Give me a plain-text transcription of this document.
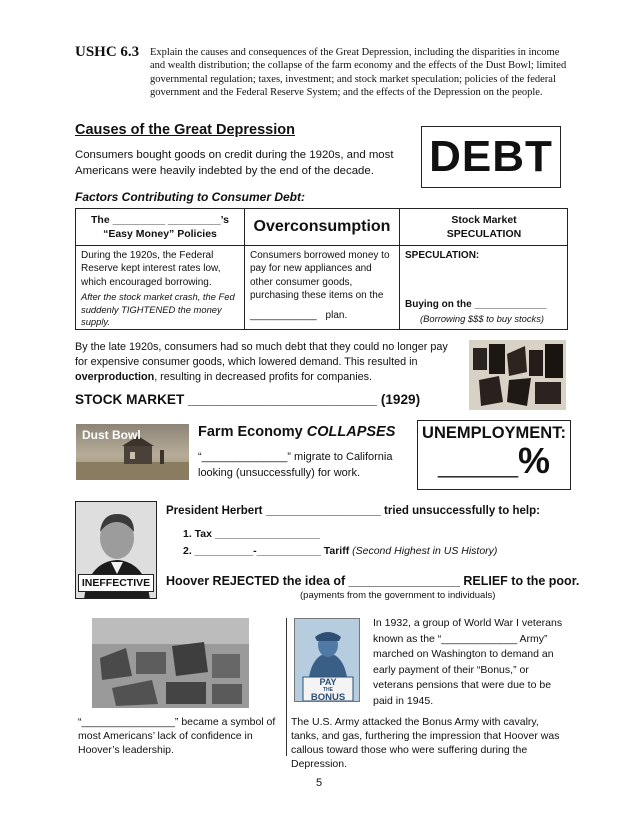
USHC 6.3 Explain the causes and consequences of the Great Depression, including the disparities in income and wealth distribution; the collapse of the farm economy and the effects of the Dust Bowl; limited governmental regulation; taxes, investment; and stock market speculation; policies of the federal government and the Federal Reserve System; and the effects of the Depression on the people.
Causes of the Great Depression
Consumers bought goods on credit during the 1920s, and most Americans were heavily indebted by the end of the decade.	DEBT
Factors Contributing to Consumer Debt:
The _________ _________’s
“Easy Money” Policies
During the 1920s, the Federal Reserve kept interest rates low, which encouraged borrowing.
After the stock market crash, the Fed suddenly TIGHTENED the money supply.
Overconsumption
Consumers borrowed money to pay for new appliances and other consumer goods, purchasing these items on the
____________ plan.
Stock Market
SPECULATION
SPECULATION:
Buying on the _____________
(Borrowing $$$ to buy stocks)
By the late 1920s, consumers had so much debt that they could no longer pay for expensive consumer goods, which lowered demand. This resulted in overproduction, resulting in decreased profits for companies.
STOCK MARKET _________________________ (1929)
Dust Bowl	Farm Economy COLLAPSES
“______________” migrate to California looking (unsuccessfully) for work.
UNEMPLOYMENT:
____%
INEFFECTIVE
President Herbert __________________ tried unsuccessfully to help:
1. Tax __________________
2. __________-___________ Tariff (Second Highest in US History)
Hoover REJECTED the idea of ________________ RELIEF to the poor.
(payments from the government to individuals)
“________________” became a symbol of most Americans’ lack of confidence in Hoover’s leadership.
PAY
THE
BONUS
In 1932, a group of World War I veterans known as the “_____________ Army” marched on Washington to demand an early payment of their “Bonus,” or veterans pensions that were due to be paid in 1945.
The U.S. Army attacked the Bonus Army with cavalry, tanks, and gas, furthering the impression that Hoover was callous toward those who were suffering during the Depression.
5
